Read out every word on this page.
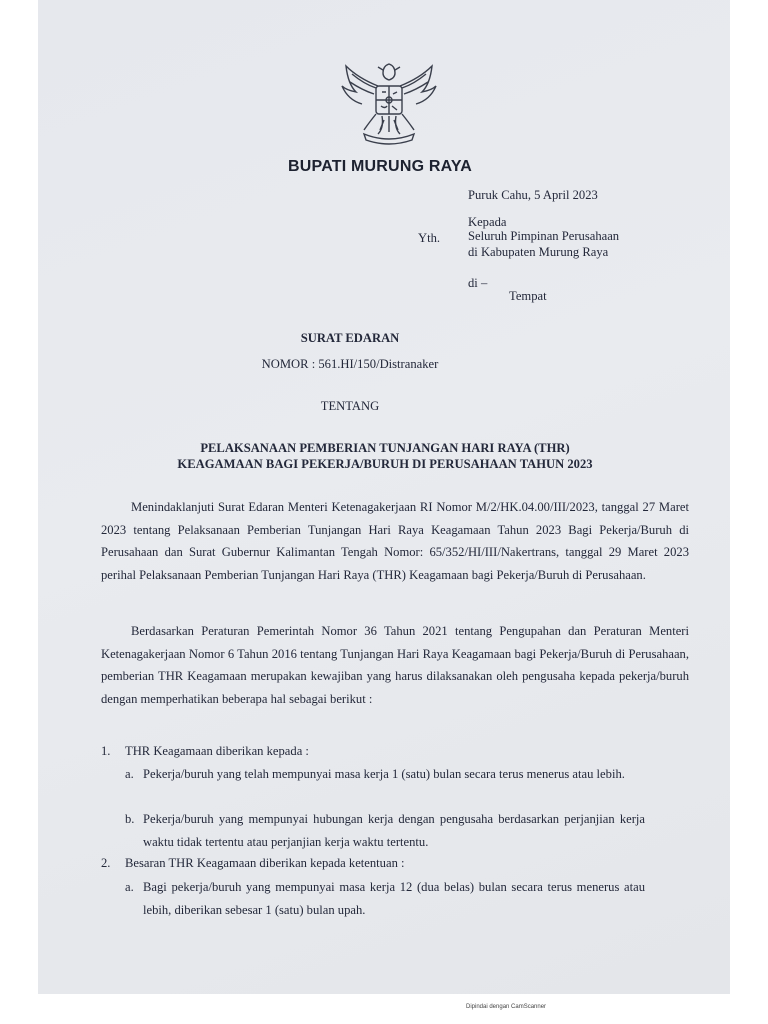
BUPATI MURUNG RAYA
Puruk Cahu, 5 April 2023
Kepada
Yth. Seluruh Pimpinan Perusahaan
di Kabupaten Murung Raya
di –
Tempat
SURAT EDARAN
NOMOR : 561.HI/150/Distranaker
TENTANG
PELAKSANAAN PEMBERIAN TUNJANGAN HARI RAYA (THR)
KEAGAMAAN BAGI PEKERJA/BURUH DI PERUSAHAAN TAHUN 2023
Menindaklanjuti Surat Edaran Menteri Ketenagakerjaan RI Nomor M/2/HK.04.00/III/2023, tanggal 27 Maret 2023 tentang Pelaksanaan Pemberian Tunjangan Hari Raya Keagamaan Tahun 2023 Bagi Pekerja/Buruh di Perusahaan dan Surat Gubernur Kalimantan Tengah Nomor: 65/352/HI/III/Nakertrans, tanggal 29 Maret 2023 perihal Pelaksanaan Pemberian Tunjangan Hari Raya (THR) Keagamaan bagi Pekerja/Buruh di Perusahaan.
Berdasarkan Peraturan Pemerintah Nomor 36 Tahun 2021 tentang Pengupahan dan Peraturan Menteri Ketenagakerjaan Nomor 6 Tahun 2016 tentang Tunjangan Hari Raya Keagamaan bagi Pekerja/Buruh di Perusahaan, pemberian THR Keagamaan merupakan kewajiban yang harus dilaksanakan oleh pengusaha kepada pekerja/buruh dengan memperhatikan beberapa hal sebagai berikut :
1. THR Keagamaan diberikan kepada :
a. Pekerja/buruh yang telah mempunyai masa kerja 1 (satu) bulan secara terus menerus atau lebih.
b. Pekerja/buruh yang mempunyai hubungan kerja dengan pengusaha berdasarkan perjanjian kerja waktu tidak tertentu atau perjanjian kerja waktu tertentu.
2. Besaran THR Keagamaan diberikan kepada ketentuan :
a. Bagi pekerja/buruh yang mempunyai masa kerja 12 (dua belas) bulan secara terus menerus atau lebih, diberikan sebesar 1 (satu) bulan upah.
Dipindai dengan CamScanner
